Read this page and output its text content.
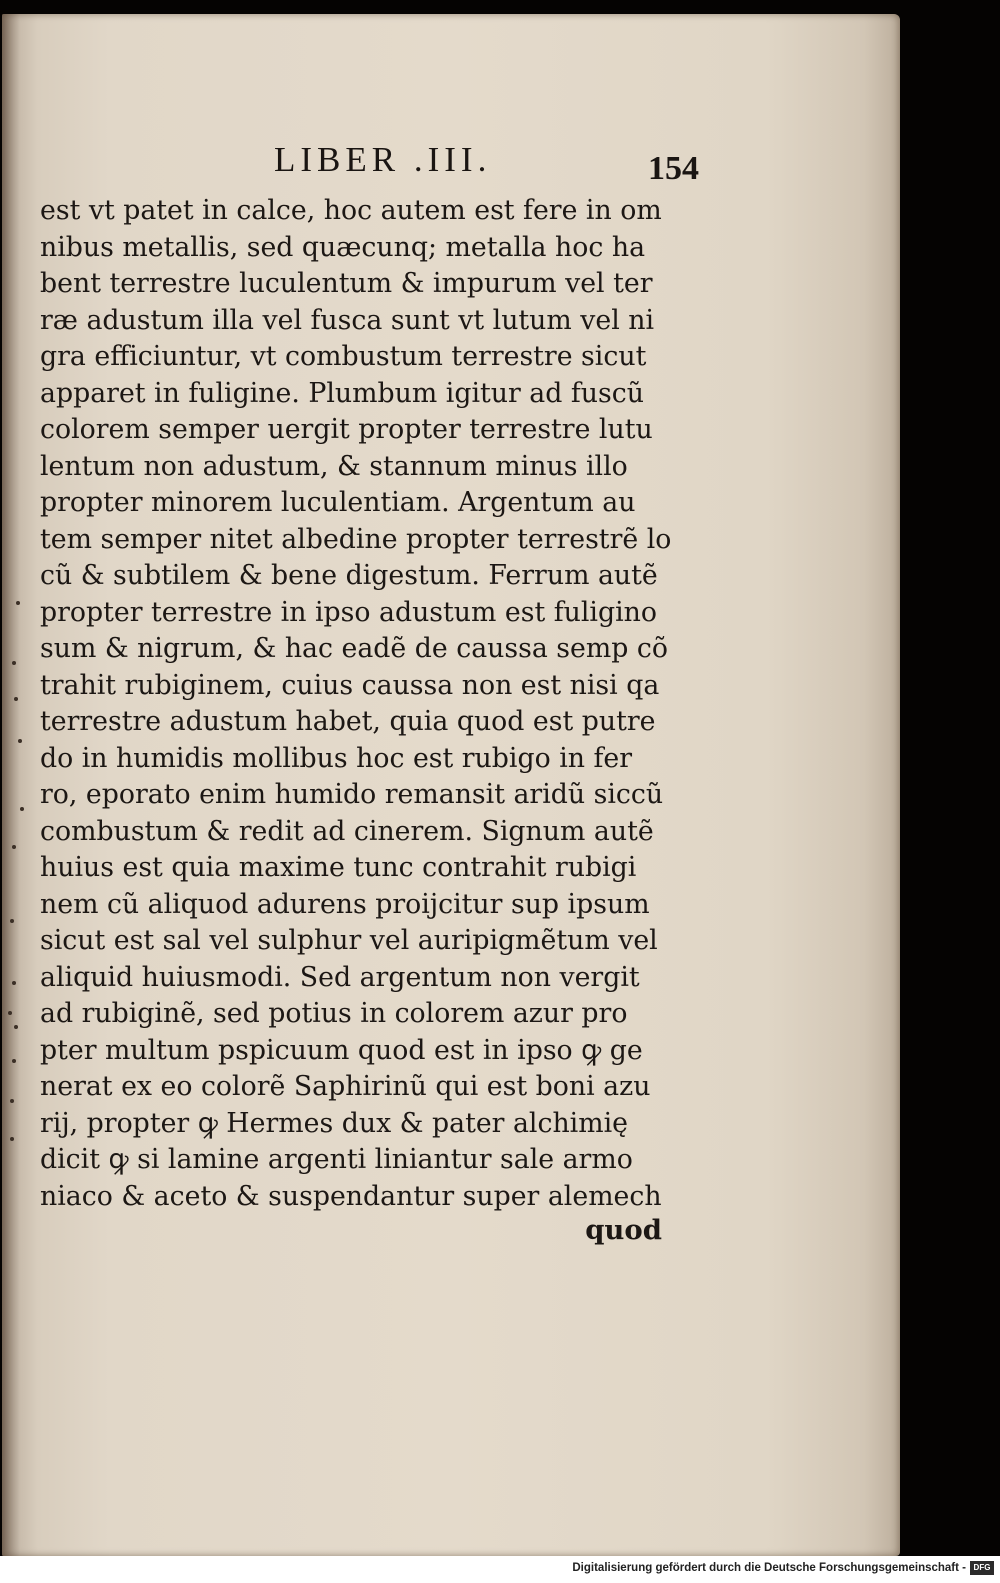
LIBER .III.	154
est vt patet in calce, hoc autem est fere in om
nibus metallis, sed quæcunq; metalla hoc ha
bent terrestre luculentum & impurum vel ter
ræ adustum illa vel fusca sunt vt lutum vel ni
gra efficiuntur, vt combustum terrestre sicut
apparet in fuligine. Plumbum igitur ad fuscũ
colorem semper uergit propter terrestre lutu
lentum non adustum, & stannum minus illo
propter minorem luculentiam. Argentum au
tem semper nitet albedine propter terrestrẽ lo
cũ & subtilem & bene digestum. Ferrum autẽ
propter terrestre in ipso adustum est fuligino
sum & nigrum, & hac eadẽ de caussa semp cõ
trahit rubiginem, cuius caussa non est nisi qa
terrestre adustum habet, quia quod est putre
do in humidis mollibus hoc est rubigo in fer
ro, eporato enim humido remansit aridũ siccũ
combustum & redit ad cinerem. Signum autẽ
huius est quia maxime tunc contrahit rubigi
nem cũ aliquod adurens proijcitur sup ipsum
sicut est sal vel sulphur vel auripigmẽtum vel
aliquid huiusmodi. Sed argentum non vergit
ad rubiginẽ, sed potius in colorem azur pro
pter multum pspicuum quod est in ipso ꝙ ge
nerat ex eo colorẽ Saphirinũ qui est boni azu
rij, propter ꝙ Hermes dux & pater alchimię
dicit ꝙ si lamine argenti liniantur sale armo
niaco & aceto & suspendantur super alemech
quod
Digitalisierung gefördert durch die Deutsche Forschungsgemeinschaft - DFG
